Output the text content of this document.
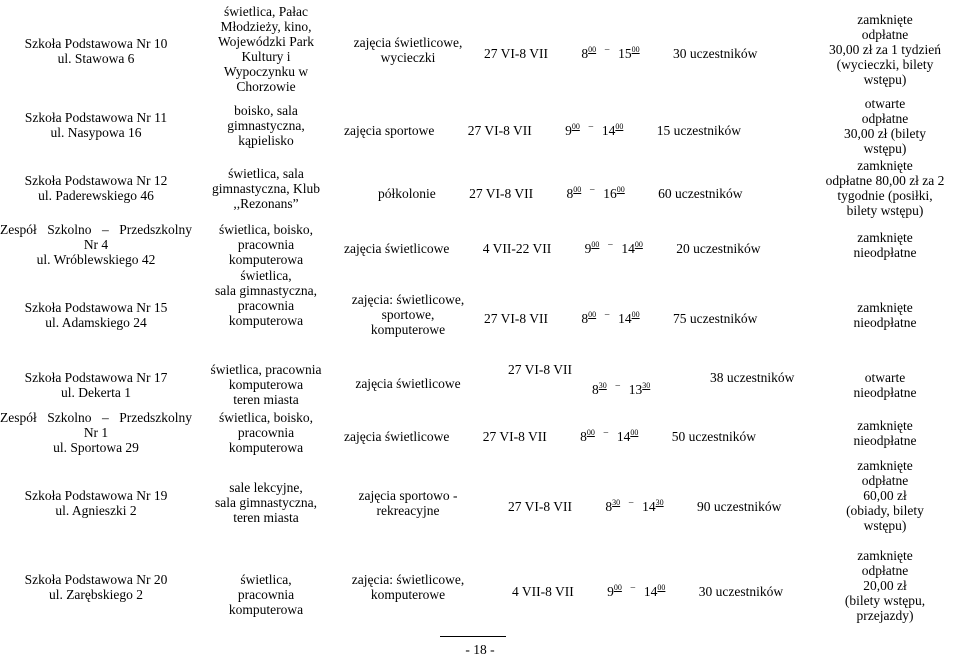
Szkoła Podstawowa Nr 10
ul. Stawowa 6
świetlica, Pałac
Młodzieży, kino,
Wojewódzki Park
Kultury i
Wypoczynku w
Chorzowie
zajęcia świetlicowe,
wycieczki	27 VI-8 VII $8^{00}-$ $15^{00}$ 30 uczestników
zamknięte
odpłatne
30,00 zł za 1 tydzień
(wycieczki, bilety
wstępu)
Szkoła Podstawowa Nr 11
ul. Nasypowa 16
boisko, sala
gimnastyczna,
kąpielisko
zajęcia sportowe 27 VI-8 VII $9^{00}-$ $14^{00}$ 15 uczestników
otwarte
odpłatne
30,00 zł (bilety
wstępu)
Szkoła Podstawowa Nr 12
ul. Paderewskiego 46
świetlica, sala
gimnastyczna, Klub
,,Rezonans”
półkolonie 27 VI-8 VII $8^{00}-$ $16^{00}$ 60 uczestników
zamknięte
odpłatne 80,00 zł za 2
tygodnie (posiłki,
bilety wstępu)
Zespół Szkolno – Przedszkolny
Nr 4
ul. Wróblewskiego 42
świetlica, boisko,
pracownia
komputerowa
zajęcia świetlicowe 4 VII-22 VII $9^{00}-$ $14^{00}$ 20 uczestników
zamknięte
nieodpłatne
Szkoła Podstawowa Nr 15
ul. Adamskiego 24
świetlica,
sala gimnastyczna,
pracownia
komputerowa
zajęcia: świetlicowe,
sportowe,
komputerowe
27 VI-8 VII $8^{00}-$ $14^{00}$ 75 uczestników
zamknięte
nieodpłatne
Szkoła Podstawowa Nr 17
ul. Dekerta 1
świetlica, pracownia
komputerowa
teren miasta
zajęcia świetlicowe
27 VI-8 VII
$8^{30}-$ $13^{30}$
38 uczestników	otwarte
nieodpłatne
Zespół Szkolno – Przedszkolny
Nr 1
ul. Sportowa 29
świetlica, boisko,
pracownia
komputerowa
zajęcia świetlicowe 27 VI-8 VII $8^{00}-$ $14^{00}$ 50 uczestników
zamknięte
nieodpłatne
Szkoła Podstawowa Nr 19
ul. Agnieszki 2
sale lekcyjne,
sala gimnastyczna,
teren miasta
zajęcia sportowo -
rekreacyjne	27 VI-8 VII $8^{30}-$ $14^{30}$ 90 uczestników
zamknięte
odpłatne
60,00 zł
(obiady, bilety
wstępu)
Szkoła Podstawowa Nr 20
ul. Zarębskiego 2
świetlica,
pracownia
komputerowa
zajęcia: świetlicowe,
komputerowe	4 VII-8 VII $9^{00}-$ $14^{00}$ 30 uczestników
zamknięte
odpłatne
20,00 zł
(bilety wstępu,
przejazdy)
- 18 -
